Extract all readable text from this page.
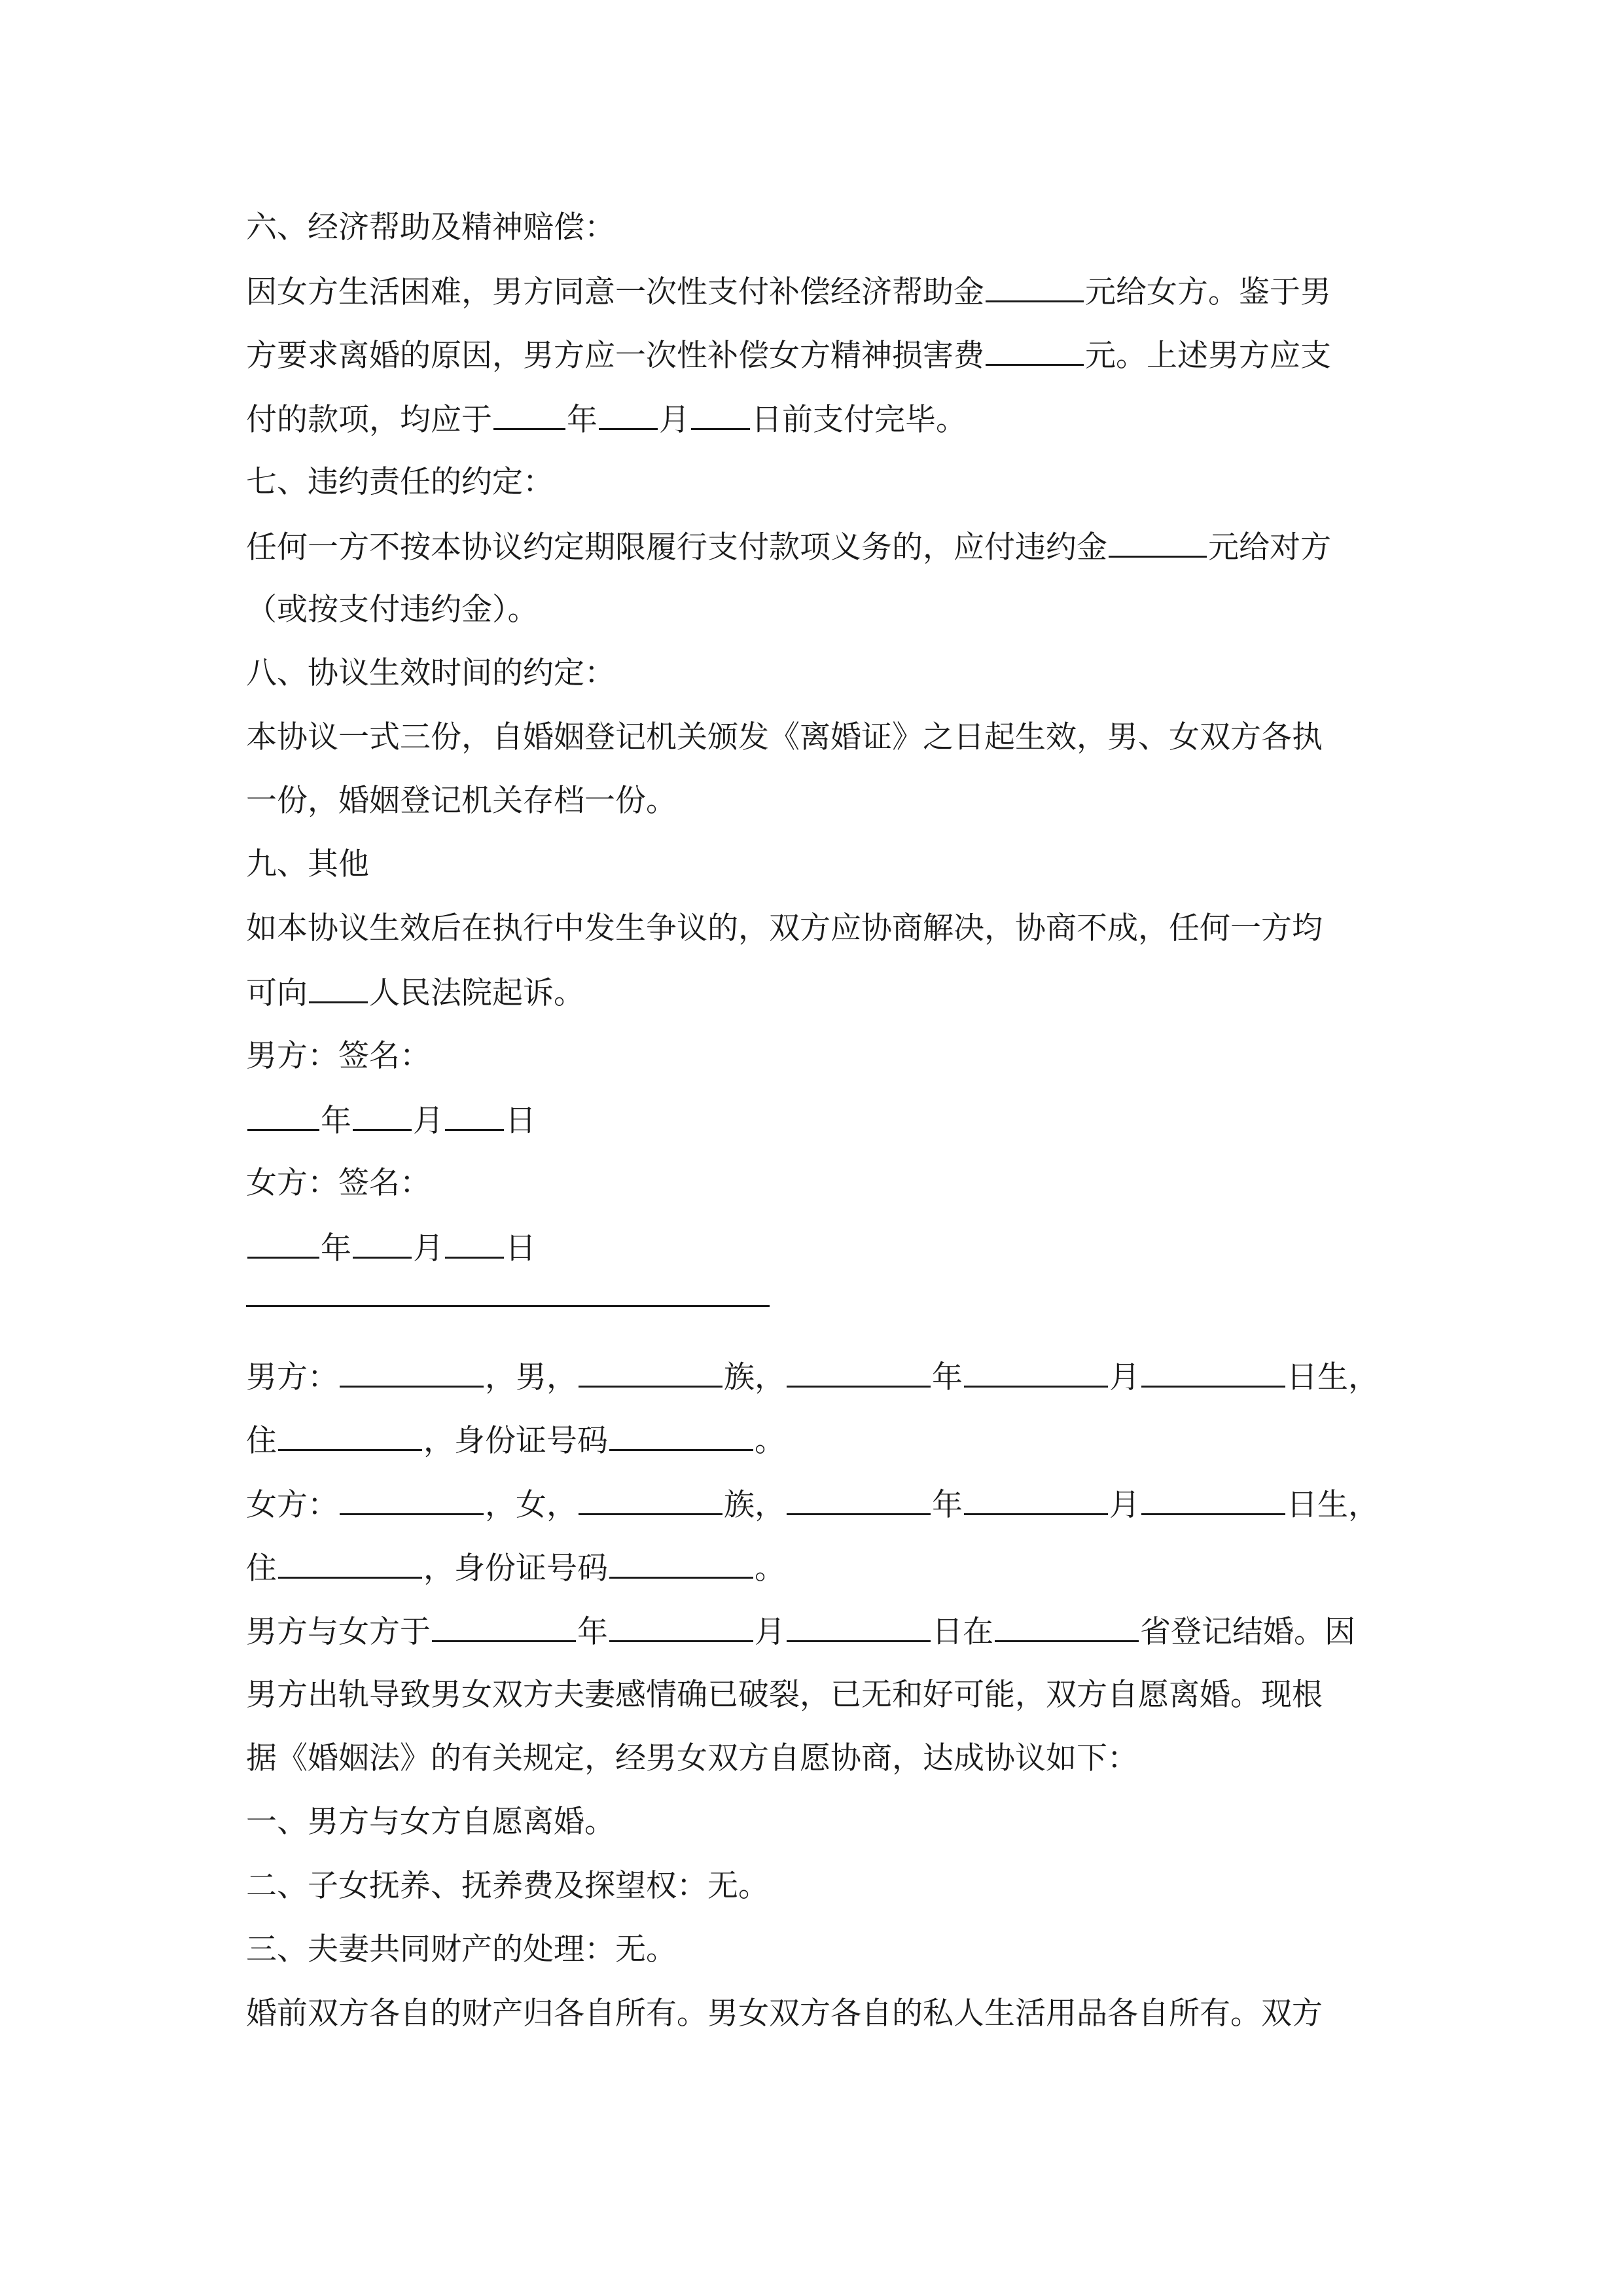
六、经济帮助及精神赔偿：
因女方生活困难，男方同意一次性支付补偿经济帮助金	元给女方。鉴于男
方要求离婚的原因，男方应一次性补偿女方精神损害费	元。上述男方应支
付的款项，均应于 年 月 日前支付完毕。
七、违约责任的约定：
任何一方不按本协议约定期限履行支付款项义务的，应付违约金	元给对方
（或按支付违约金）。
八、协议生效时间的约定：
本协议一式三份，自婚姻登记机关颁发《离婚证》之日起生效，男、女双方各执
一份，婚姻登记机关存档一份。
九、其他
如本协议生效后在执行中发生争议的，双方应协商解决，协商不成，任何一方均
可向 人民法院起诉。
男方：签名：
年 月 日
女方：签名：
年 月 日
男方：	，男，	族，	年	月	日生，
住	，身份证号码	。
女方：	，女，	族，	年	月	日生，
住	，身份证号码	。
男方与女方于	年	月	日在	省登记结婚。因
男方出轨导致男女双方夫妻感情确已破裂，已无和好可能，双方自愿离婚。现根
据《婚姻法》的有关规定，经男女双方自愿协商，达成协议如下：
一、男方与女方自愿离婚。
二、子女抚养、抚养费及探望权：无。
三、夫妻共同财产的处理：无。
婚前双方各自的财产归各自所有。男女双方各自的私人生活用品各自所有。双方
